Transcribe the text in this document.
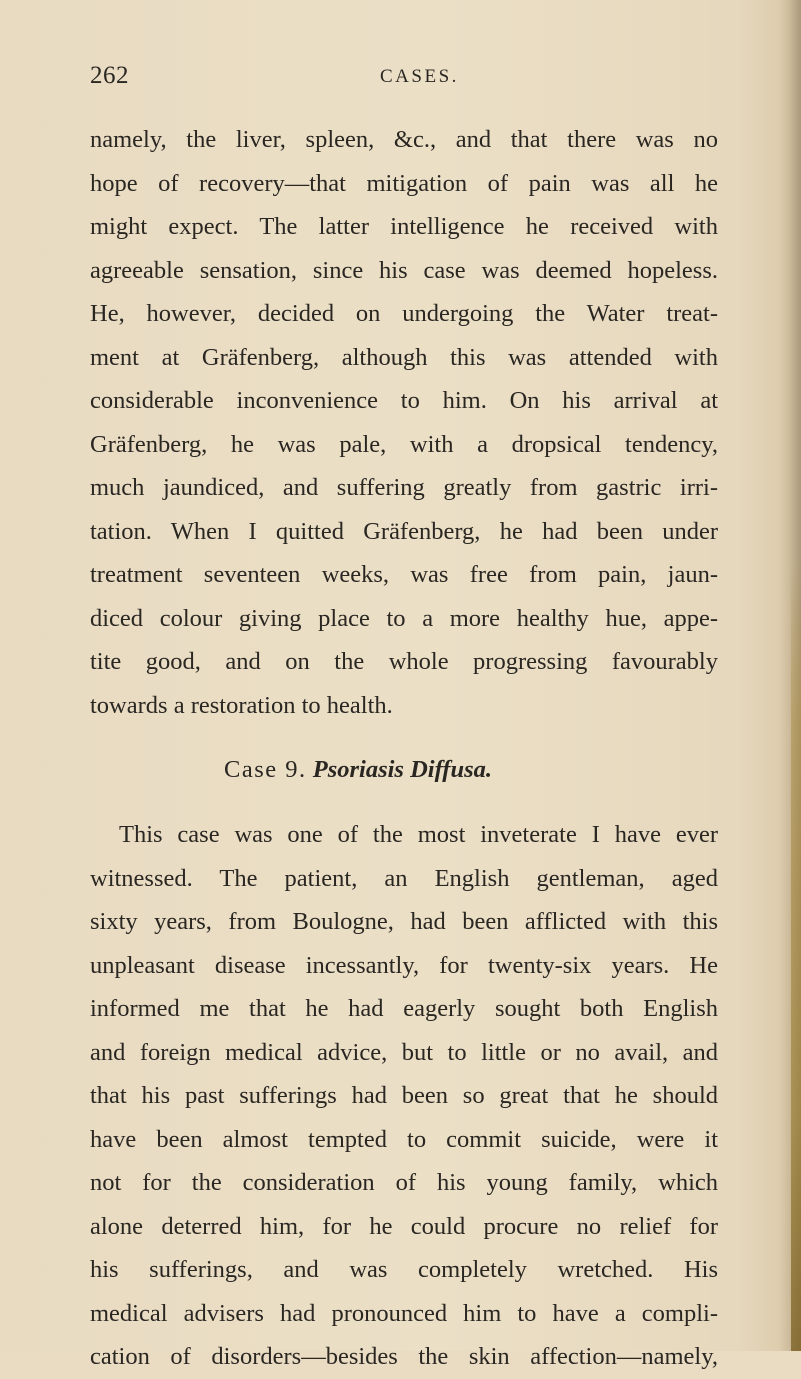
262	CASES.
namely, the liver, spleen, &c., and that there was no
hope of recovery—that mitigation of pain was all he
might expect. The latter intelligence he received with
agreeable sensation, since his case was deemed hopeless.
He, however, decided on undergoing the Water treat-
ment at Gräfenberg, although this was attended with
considerable inconvenience to him. On his arrival at
Gräfenberg, he was pale, with a dropsical tendency,
much jaundiced, and suffering greatly from gastric irri-
tation. When I quitted Gräfenberg, he had been under
treatment seventeen weeks, was free from pain, jaun-
diced colour giving place to a more healthy hue, appe-
tite good, and on the whole progressing favourably
towards a restoration to health.
Case 9. Psoriasis Diffusa.
This case was one of the most inveterate I have ever
witnessed. The patient, an English gentleman, aged
sixty years, from Boulogne, had been afflicted with this
unpleasant disease incessantly, for twenty-six years. He
informed me that he had eagerly sought both English
and foreign medical advice, but to little or no avail, and
that his past sufferings had been so great that he should
have been almost tempted to commit suicide, were it
not for the consideration of his young family, which
alone deterred him, for he could procure no relief for
his sufferings, and was completely wretched. His
medical advisers had pronounced him to have a compli-
cation of disorders—besides the skin affection—namely,
